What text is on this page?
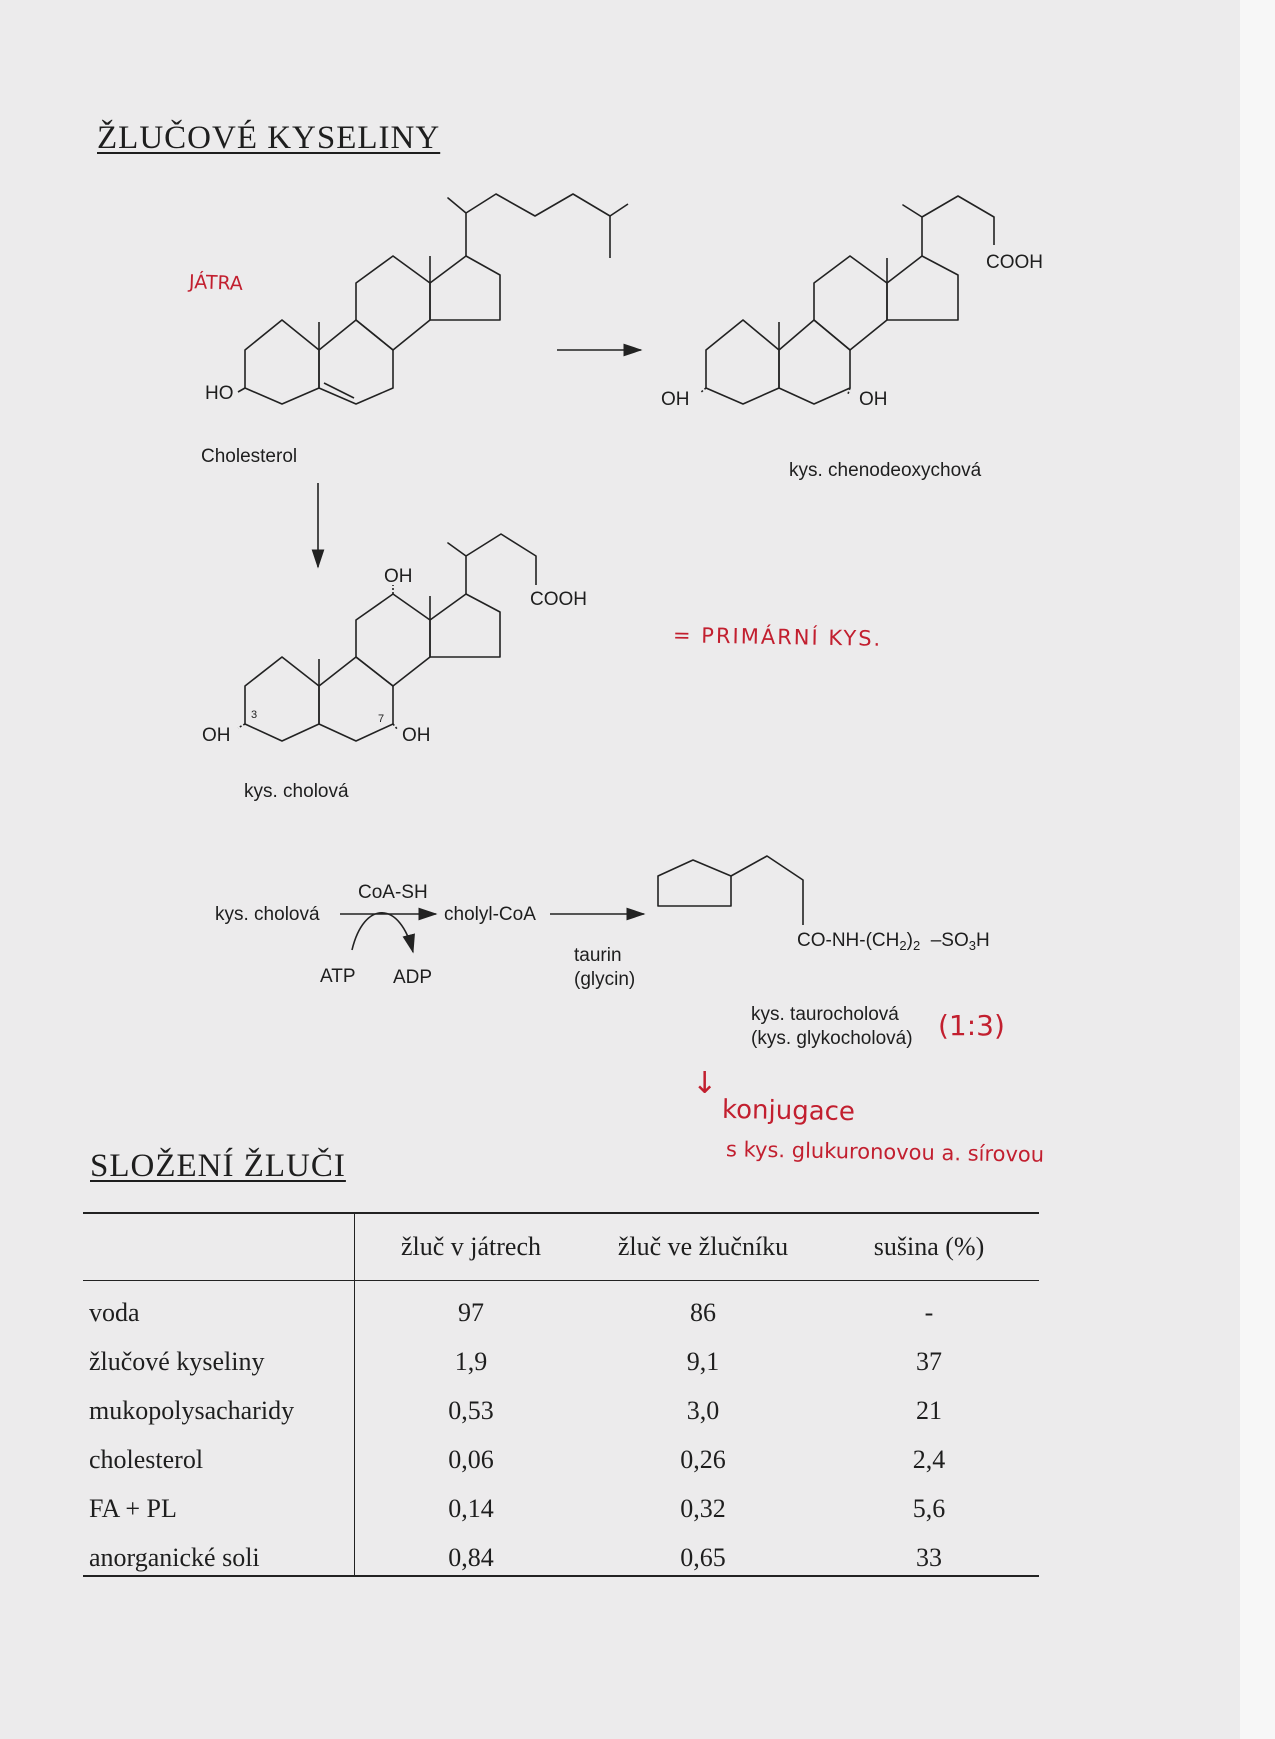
ŽLUČOVÉ KYSELINY
HO
Cholesterol
COOH
OH	OH
kys. chenodeoxychová
OH
COOH
OH	OH
3	7
kys. cholová
kys. cholová
CoA-SH
cholyl-CoA
ATP ADP
taurin
(glycin)
$CO-NH-(CH_2)_2$ $-SO_3H$
kys. taurocholová
(kys. glykocholová)
JÁTRA
= PRIMÁRNÍ KYS.
(1:3)
↓
konjugace
s kys. glukuronovou a. sírovou
SLOŽENÍ ŽLUČI
	žluč v játrech	žluč ve žlučníku	sušina (%)
voda	97	86	-
žlučové kyseliny	1,9	9,1	37
mukopolysacharidy	0,53	3,0	21
cholesterol	0,06	0,26	2,4
FA + PL	0,14	0,32	5,6
anorganické soli	0,84	0,65	33
